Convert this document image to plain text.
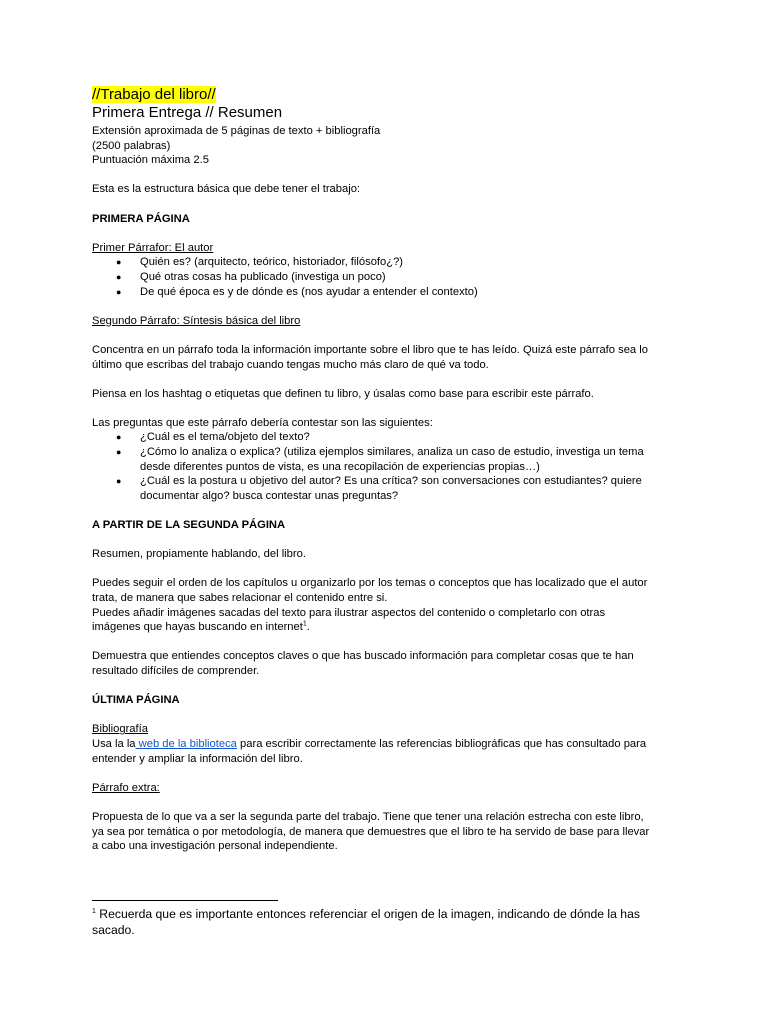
//Trabajo del libro//

Primera Entrega // Resumen

Extensión aproximada de 5 páginas de texto + bibliografía

(2500 palabras)

Puntuación máxima 2.5

Esta es la estructura básica que debe tener el trabajo:

PRIMERA PÁGINA

Primer Párrafor: El autor

● Quién es? (arquitecto, teórico, historiador, filósofo¿?)
● Qué otras cosas ha publicado (investiga un poco)
● De qué época es y de dónde es (nos ayudar a entender el contexto)

Segundo Párrafo: Síntesis básica del libro

Concentra en un párrafo toda la información importante sobre el libro que te has leído. Quizá este párrafo sea lo

último que escribas del trabajo cuando tengas mucho más claro de qué va todo.

Piensa en los hashtag o etiquetas que definen tu libro, y úsalas como base para escribir este párrafo.

Las preguntas que este párrafo debería contestar son las siguientes:

● ¿Cuál es el tema/objeto del texto?
● ¿Cómo lo analiza o explica? (utiliza ejemplos similares, analiza un caso de estudio, investiga un tema
desde diferentes puntos de vista, es una recopilación de experiencias propias…)
● ¿Cuál es la postura u objetivo del autor? Es una crítica? son conversaciones con estudiantes? quiere
documentar algo? busca contestar unas preguntas?

A PARTIR DE LA SEGUNDA PÁGINA

Resumen, propiamente hablando, del libro.

Puedes seguir el orden de los capítulos u organizarlo por los temas o conceptos que has localizado que el autor

trata, de manera que sabes relacionar el contenido entre si.

Puedes añadir imágenes sacadas del texto para ilustrar aspectos del contenido o completarlo con otras

imágenes que hayas buscando en internet$^1$.

Demuestra que entiendes conceptos claves o que has buscado información para completar cosas que te han

resultado difíciles de comprender.

ÚLTIMA PÁGINA

Bibliografía

Usa la la web de la biblioteca para escribir correctamente las referencias bibliográficas que has consultado para

entender y ampliar la información del libro.

Párrafo extra:

Propuesta de lo que va a ser la segunda parte del trabajo. Tiene que tener una relación estrecha con este libro,

ya sea por temática o por metodología, de manera que demuestres que el libro te ha servido de base para llevar

a cabo una investigación personal independiente.

$^1$ Recuerda que es importante entonces referenciar el origen de la imagen, indicando de dónde la has

sacado.
